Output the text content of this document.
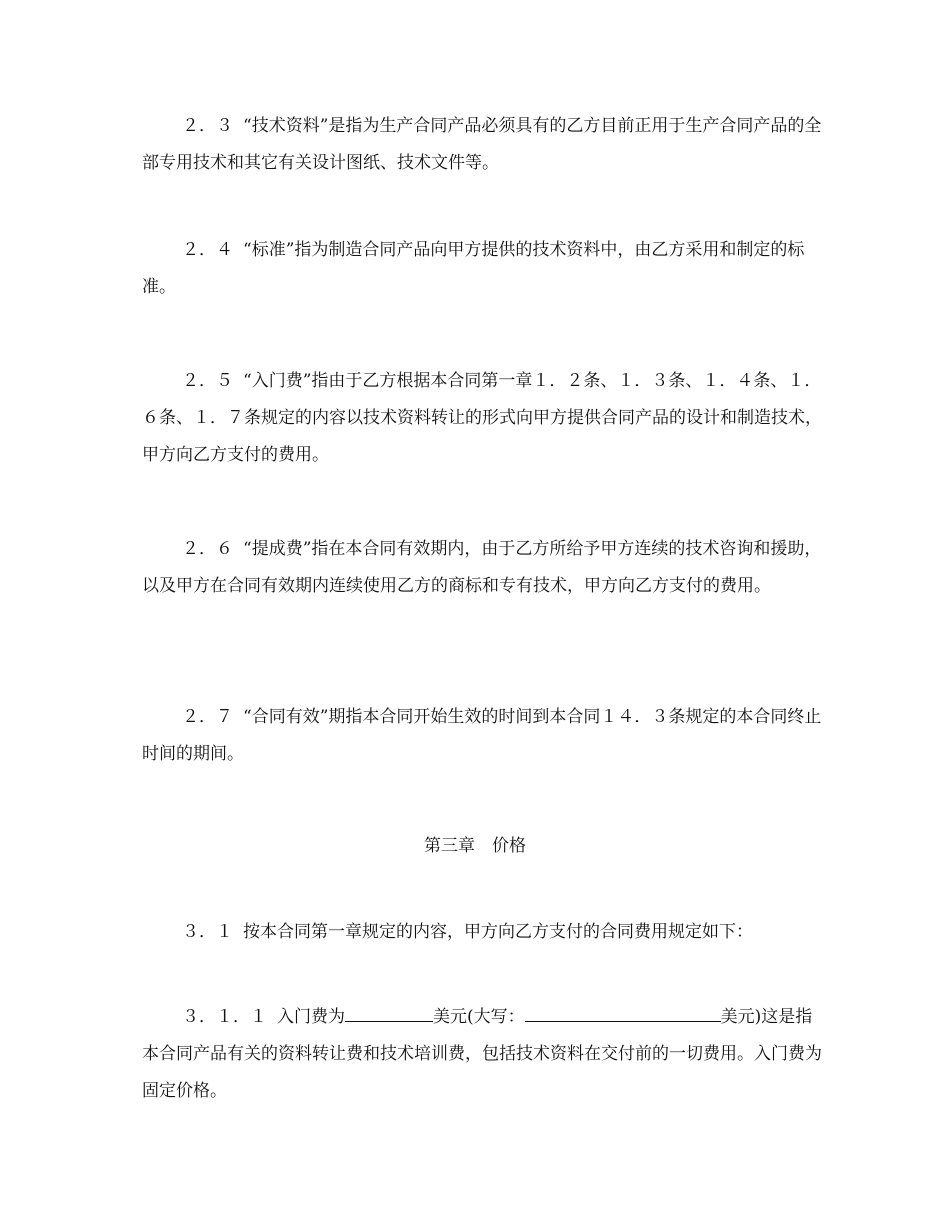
２．３ “技术资料”是指为生产合同产品必须具有的乙方目前正用于生产合同产品的全部专用技术和其它有关设计图纸、技术文件等。

２．４ “标准”指为制造合同产品向甲方提供的技术资料中，由乙方采用和制定的标准。

２．５ “入门费”指由于乙方根据本合同第一章１．２条、１．３条、１．４条、１．６条、１．７条规定的内容以技术资料转让的形式向甲方提供合同产品的设计和制造技术，甲方向乙方支付的费用。

２．６ “提成费”指在本合同有效期内，由于乙方所给予甲方连续的技术咨询和援助，以及甲方在合同有效期内连续使用乙方的商标和专有技术，甲方向乙方支付的费用。

２．７ “合同有效”期指本合同开始生效的时间到本合同１４．３条规定的本合同终止时间的期间。

第三章　价格

３．１ 按本合同第一章规定的内容，甲方向乙方支付的合同费用规定如下：

３．１．１ 入门费为	美元(大写：	美元)这是指本合同产品有关的资料转让费和技术培训费，包括技术资料在交付前的一切费用。入门费为固定价格。
